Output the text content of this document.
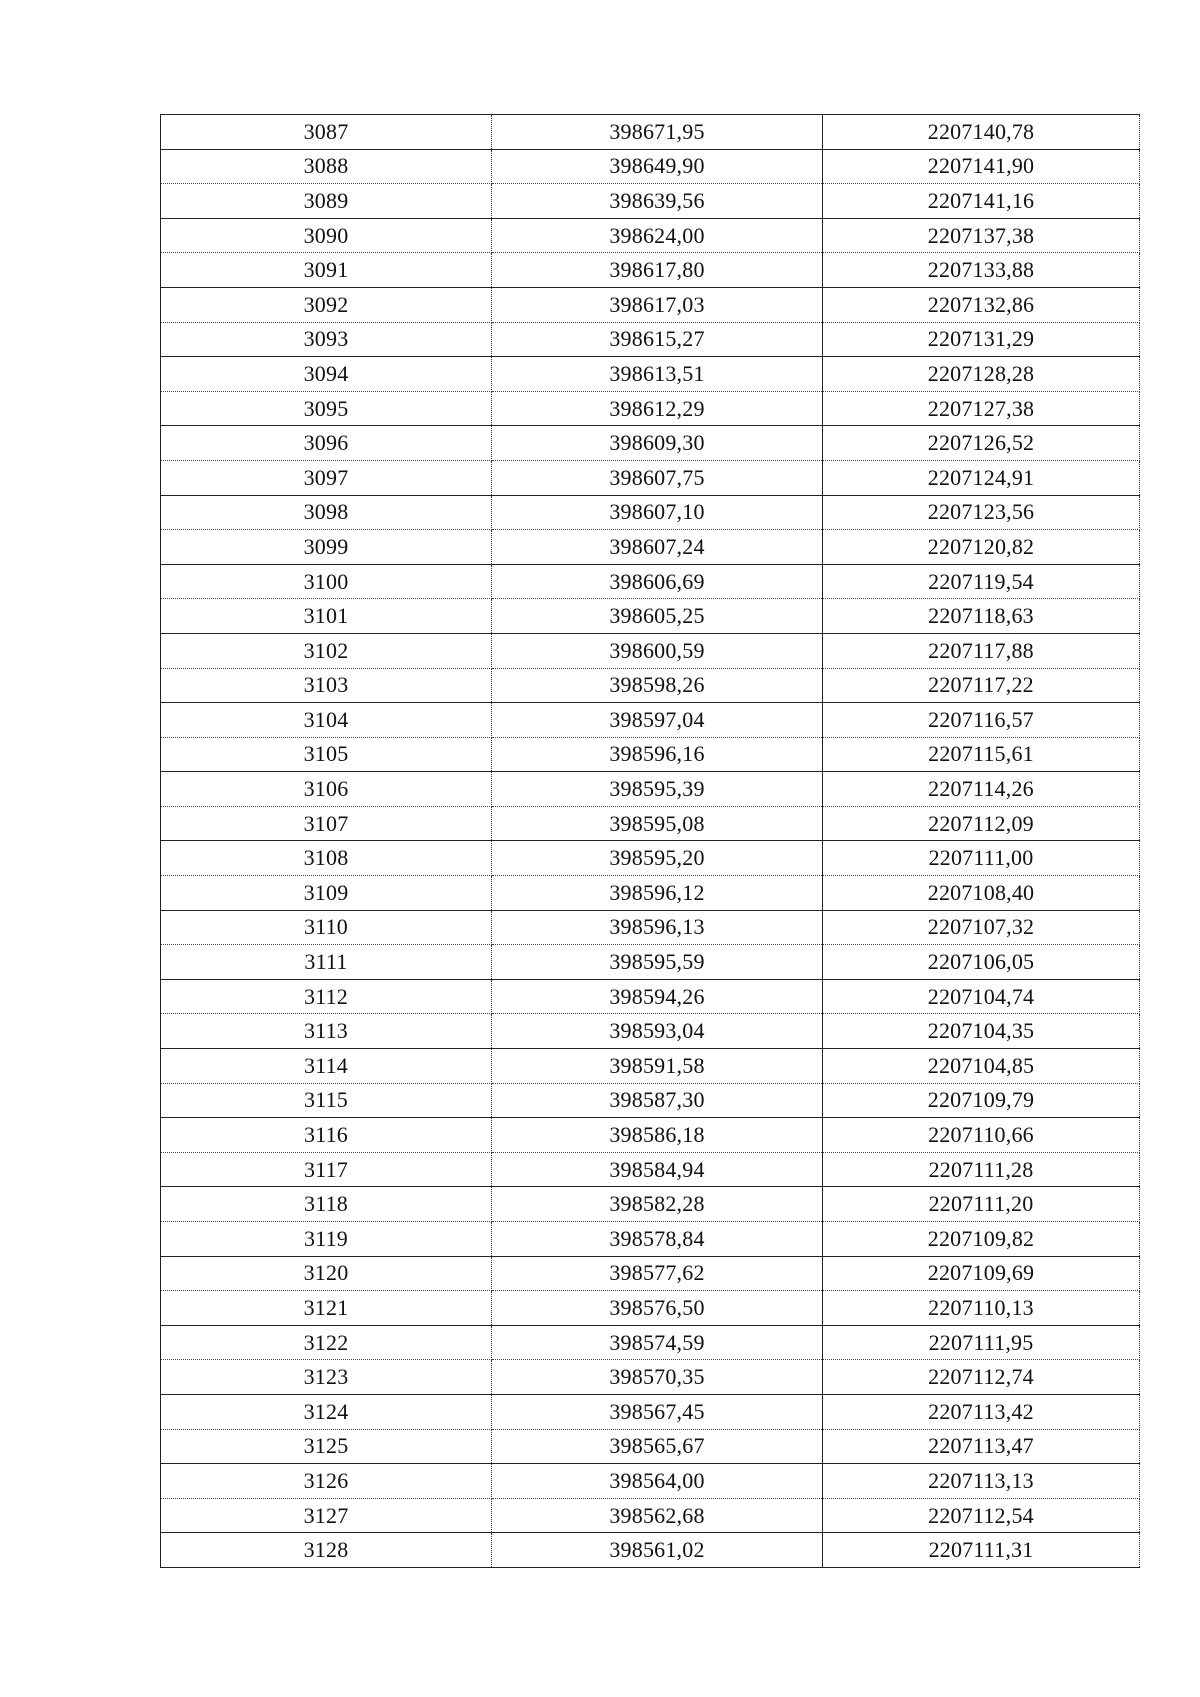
3087	398671,95	2207140,78
3088	398649,90	2207141,90
3089	398639,56	2207141,16
3090	398624,00	2207137,38
3091	398617,80	2207133,88
3092	398617,03	2207132,86
3093	398615,27	2207131,29
3094	398613,51	2207128,28
3095	398612,29	2207127,38
3096	398609,30	2207126,52
3097	398607,75	2207124,91
3098	398607,10	2207123,56
3099	398607,24	2207120,82
3100	398606,69	2207119,54
3101	398605,25	2207118,63
3102	398600,59	2207117,88
3103	398598,26	2207117,22
3104	398597,04	2207116,57
3105	398596,16	2207115,61
3106	398595,39	2207114,26
3107	398595,08	2207112,09
3108	398595,20	2207111,00
3109	398596,12	2207108,40
3110	398596,13	2207107,32
3111	398595,59	2207106,05
3112	398594,26	2207104,74
3113	398593,04	2207104,35
3114	398591,58	2207104,85
3115	398587,30	2207109,79
3116	398586,18	2207110,66
3117	398584,94	2207111,28
3118	398582,28	2207111,20
3119	398578,84	2207109,82
3120	398577,62	2207109,69
3121	398576,50	2207110,13
3122	398574,59	2207111,95
3123	398570,35	2207112,74
3124	398567,45	2207113,42
3125	398565,67	2207113,47
3126	398564,00	2207113,13
3127	398562,68	2207112,54
3128	398561,02	2207111,31
